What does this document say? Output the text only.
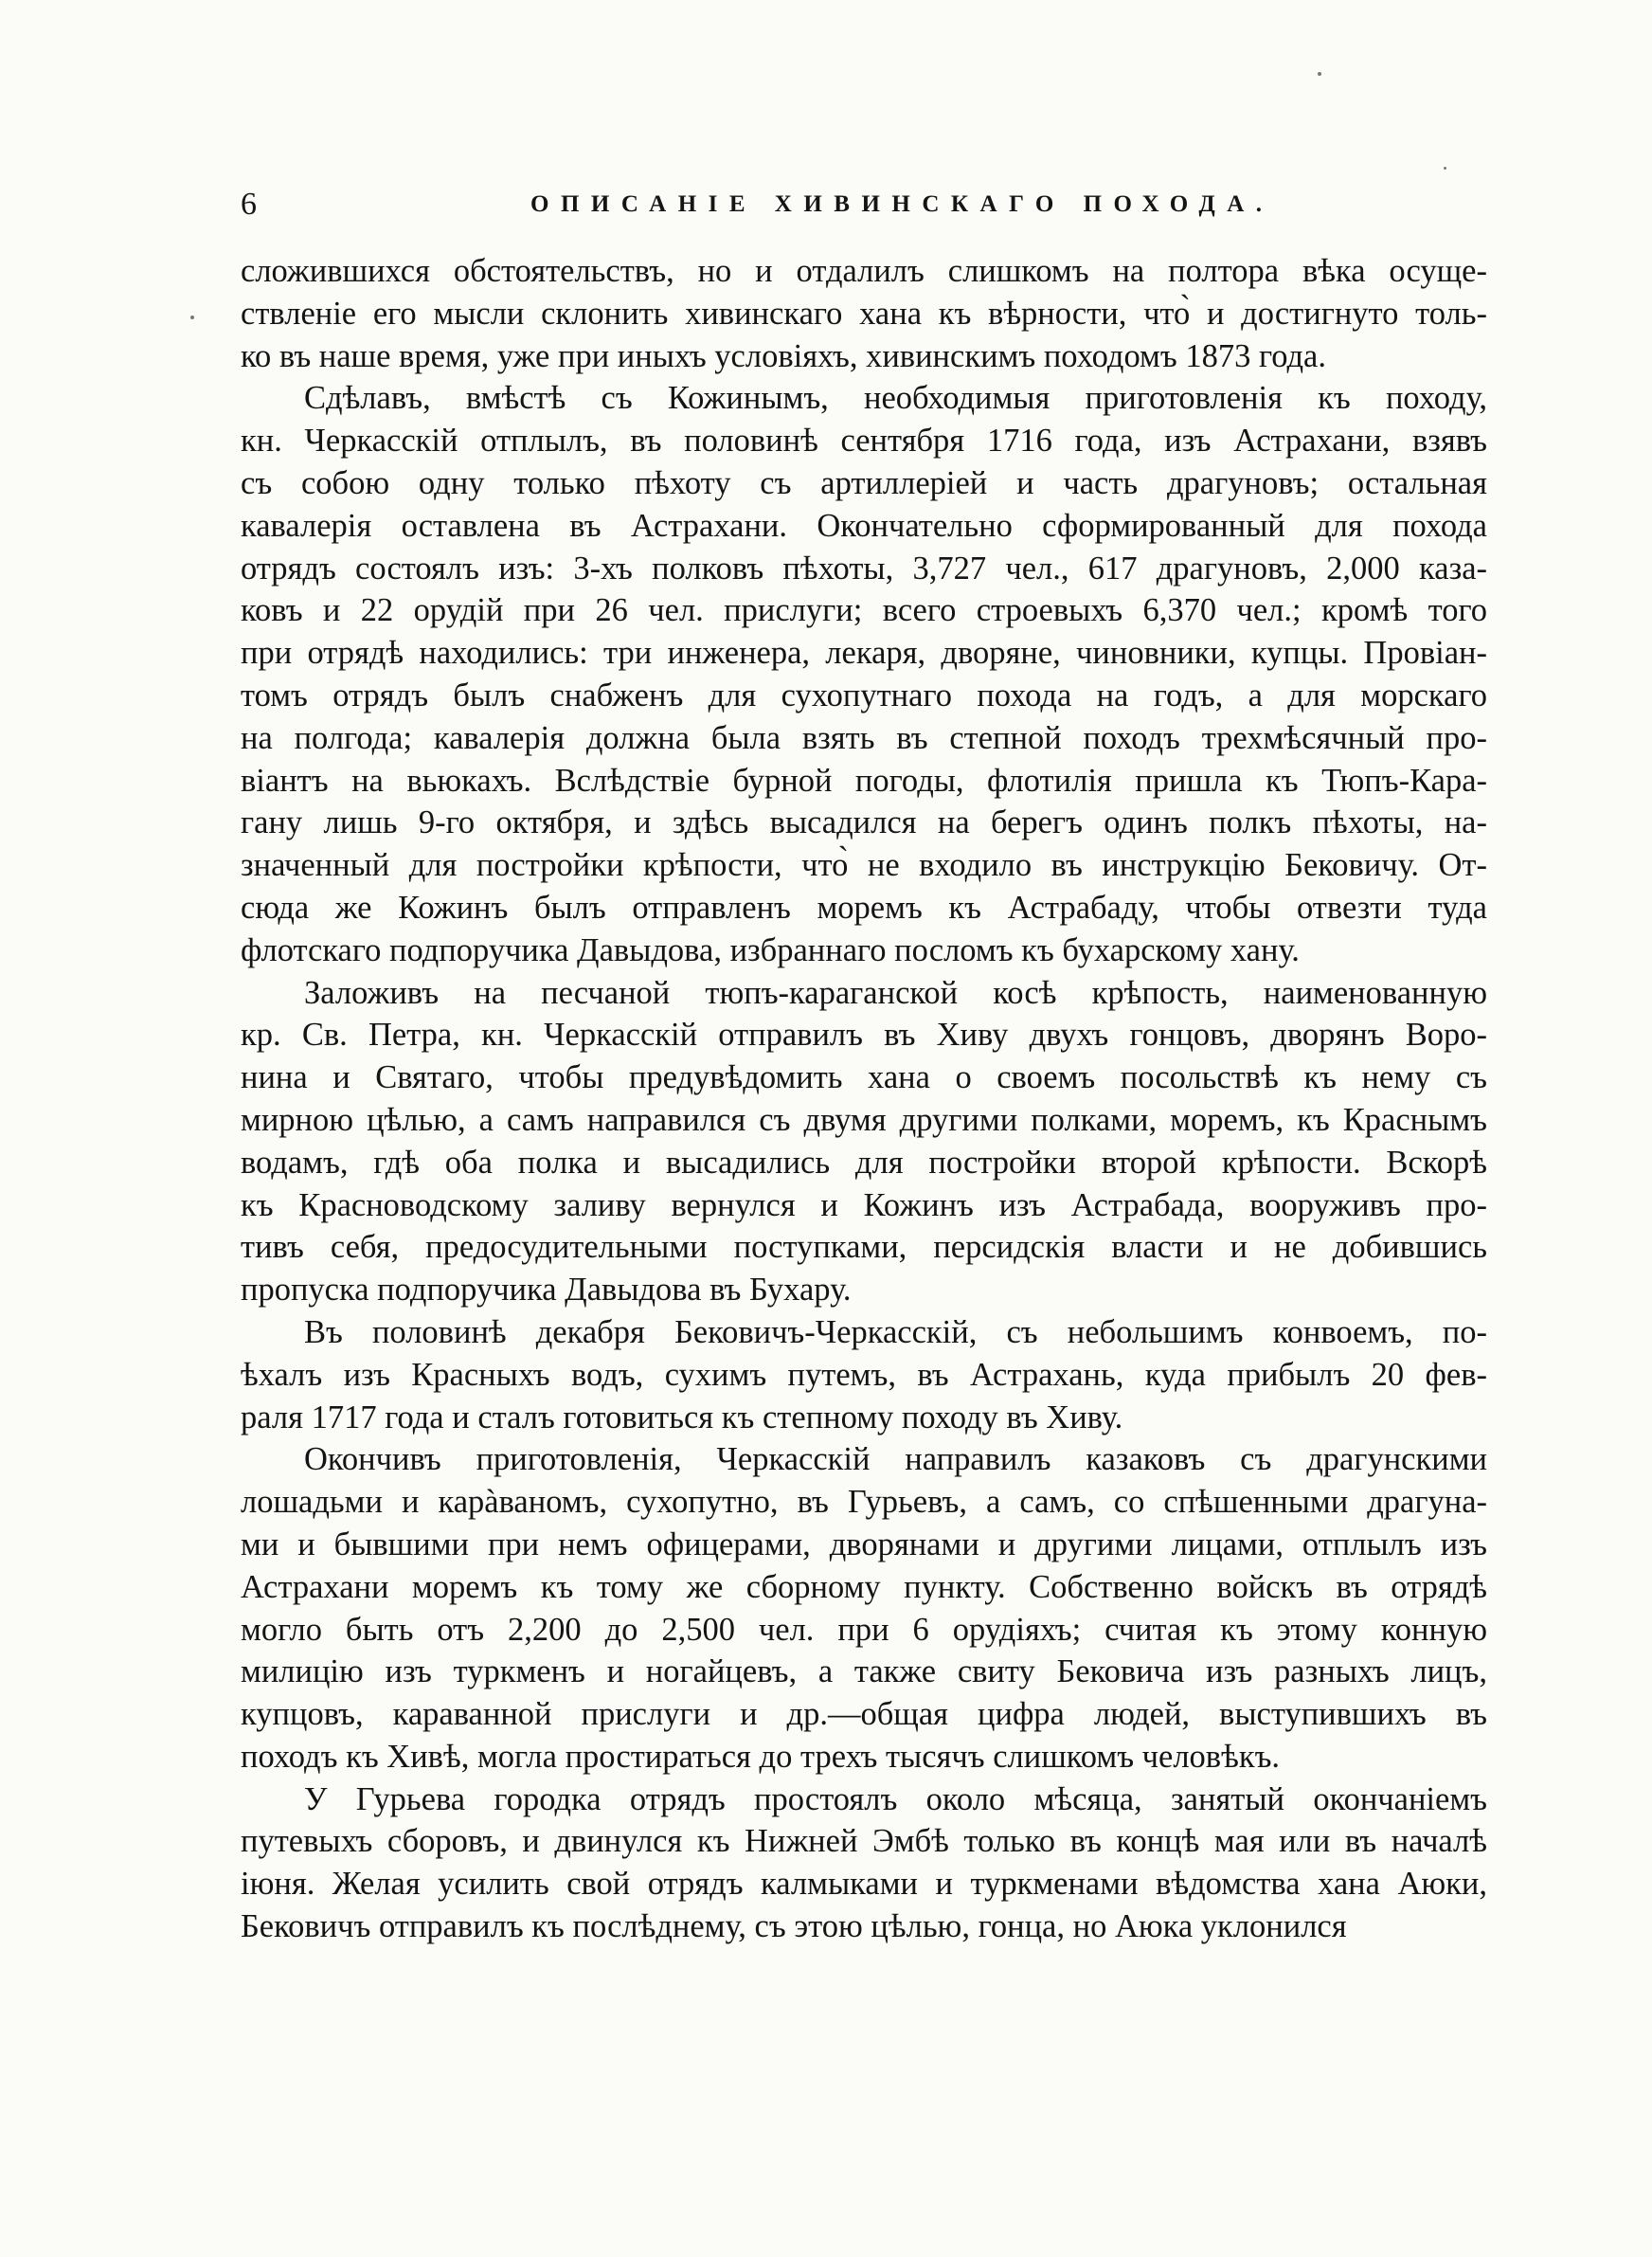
6	ОПИСАНІЕ ХИВИНСКАГО ПОХОДА.
сложившихся обстоятельствъ, но и отдалилъ слишкомъ на полтора вѣка осуще-
ствленіе его мысли склонить хивинскаго хана къ вѣрности, что̀ и достигнуто толь-
ко въ наше время, уже при иныхъ условіяхъ, хивинскимъ походомъ 1873 года.
Сдѣлавъ, вмѣстѣ съ Кожинымъ, необходимыя приготовленія къ походу,
кн. Черкасскій отплылъ, въ половинѣ сентября 1716 года, изъ Астрахани, взявъ
съ собою одну только пѣхоту съ артиллеріей и часть драгуновъ; остальная
кавалерія оставлена въ Астрахани. Окончательно сформированный для похода
отрядъ состоялъ изъ: 3-хъ полковъ пѣхоты, 3,727 чел., 617 драгуновъ, 2,000 каза-
ковъ и 22 орудій при 26 чел. прислуги; всего строевыхъ 6,370 чел.; кромѣ того
при отрядѣ находились: три инженера, лекаря, дворяне, чиновники, купцы. Провіан-
томъ отрядъ былъ снабженъ для сухопутнаго похода на годъ, а для морскаго
на полгода; кавалерія должна была взять въ степной походъ трехмѣсячный про-
віантъ на вьюкахъ. Вслѣдствіе бурной погоды, флотилія пришла къ Тюпъ-Кара-
гану лишь 9-го октября, и здѣсь высадился на берегъ одинъ полкъ пѣхоты, на-
значенный для постройки крѣпости, что̀ не входило въ инструкцію Бековичу. От-
сюда же Кожинъ былъ отправленъ моремъ къ Астрабаду, чтобы отвезти туда
флотскаго подпоручика Давыдова, избраннаго посломъ къ бухарскому хану.
Заложивъ на песчаной тюпъ-караганской косѣ крѣпость, наименованную
кр. Св. Петра, кн. Черкасскій отправилъ въ Хиву двухъ гонцовъ, дворянъ Воро-
нина и Святаго, чтобы предувѣдомить хана о своемъ посольствѣ къ нему съ
мирною цѣлью, а самъ направился съ двумя другими полками, моремъ, къ Краснымъ
водамъ, гдѣ оба полка и высадились для постройки второй крѣпости. Вскорѣ
къ Красноводскому заливу вернулся и Кожинъ изъ Астрабада, вооруживъ про-
тивъ себя, предосудительными поступками, персидскія власти и не добившись
пропуска подпоручика Давыдова въ Бухару.
Въ половинѣ декабря Бековичъ-Черкасскій, съ небольшимъ конвоемъ, по-
ѣхалъ изъ Красныхъ водъ, сухимъ путемъ, въ Астрахань, куда прибылъ 20 фев-
раля 1717 года и сталъ готовиться къ степному походу въ Хиву.
Окончивъ приготовленія, Черкасскій направилъ казаковъ съ драгунскими
лошадьми и карàваномъ, сухопутно, въ Гурьевъ, а самъ, со спѣшенными драгуна-
ми и бывшими при немъ офицерами, дворянами и другими лицами, отплылъ изъ
Астрахани моремъ къ тому же сборному пункту. Собственно войскъ въ отрядѣ
могло быть отъ 2,200 до 2,500 чел. при 6 орудіяхъ; считая къ этому конную
милицію изъ туркменъ и ногайцевъ, а также свиту Бековича изъ разныхъ лицъ,
купцовъ, караванной прислуги и др.—общая цифра людей, выступившихъ въ
походъ къ Хивѣ, могла простираться до трехъ тысячъ слишкомъ человѣкъ.
У Гурьева городка отрядъ простоялъ около мѣсяца, занятый окончаніемъ
путевыхъ сборовъ, и двинулся къ Нижней Эмбѣ только въ концѣ мая или въ началѣ
іюня. Желая усилить свой отрядъ калмыками и туркменами вѣдомства хана Аюки,
Бековичъ отправилъ къ послѣднему, съ этою цѣлью, гонца, но Аюка уклонился
